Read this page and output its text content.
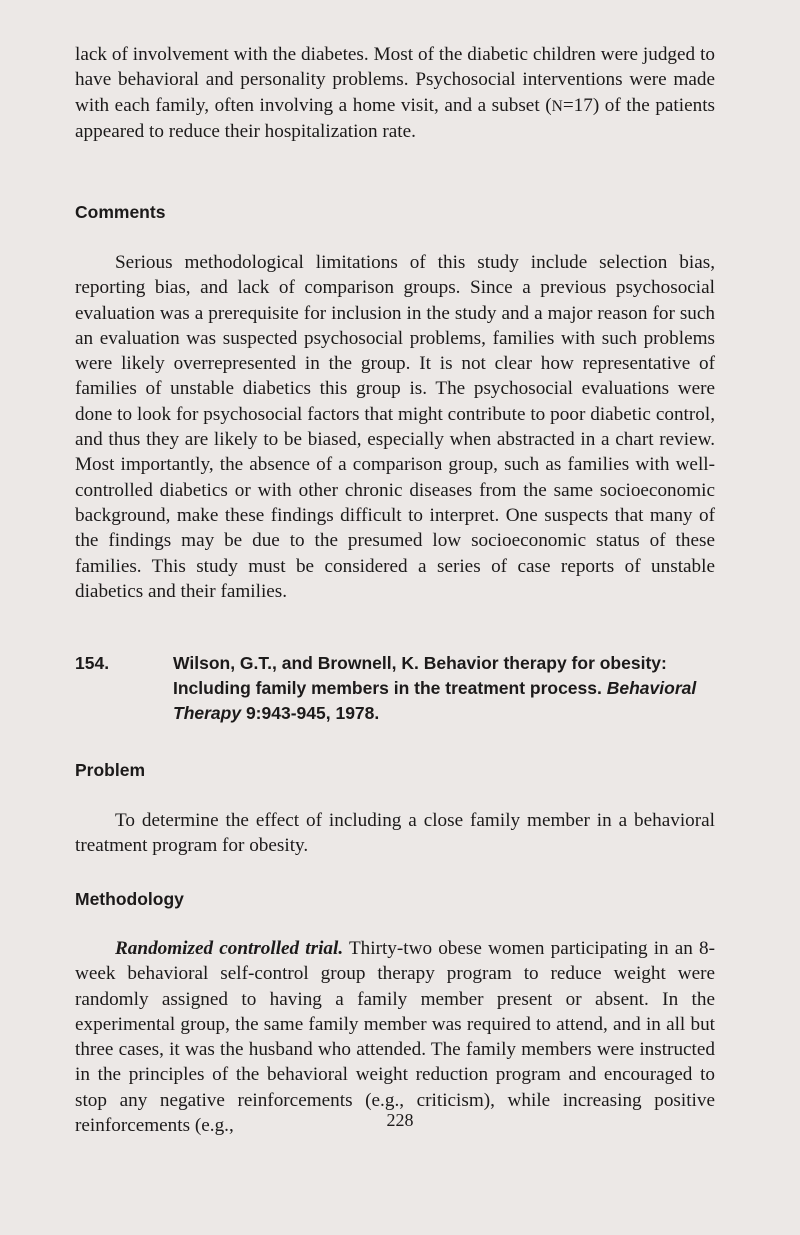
lack of involvement with the diabetes. Most of the diabetic children were judged to have behavioral and personality problems. Psychosocial interventions were made with each family, often involving a home visit, and a subset (N=17) of the patients appeared to reduce their hospitalization rate.

Comments

Serious methodological limitations of this study include selection bias, reporting bias, and lack of comparison groups. Since a previous psychosocial evaluation was a prerequisite for inclusion in the study and a major reason for such an evaluation was suspected psychosocial problems, families with such problems were likely overrepresented in the group. It is not clear how representative of families of unstable diabetics this group is. The psychosocial evaluations were done to look for psychosocial factors that might contribute to poor diabetic control, and thus they are likely to be biased, especially when abstracted in a chart review. Most importantly, the absence of a comparison group, such as families with well-controlled diabetics or with other chronic diseases from the same socioeconomic background, make these findings difficult to interpret. One suspects that many of the findings may be due to the presumed low socioeconomic status of these families. This study must be considered a series of case reports of unstable diabetics and their families.

154.	Wilson, G.T., and Brownell, K. Behavior therapy for obesity: Including family members in the treatment process. Behavioral Therapy 9:943-945, 1978.
Problem

To determine the effect of including a close family member in a behavioral treatment program for obesity.

Methodology

Randomized controlled trial. Thirty-two obese women participating in an 8-week behavioral self-control group therapy program to reduce weight were randomly assigned to having a family member present or absent. In the experimental group, the same family member was required to attend, and in all but three cases, it was the husband who attended. The family members were instructed in the principles of the behavioral weight reduction program and encouraged to stop any negative reinforcements (e.g., criticism), while increasing positive reinforcements (e.g.,	228
